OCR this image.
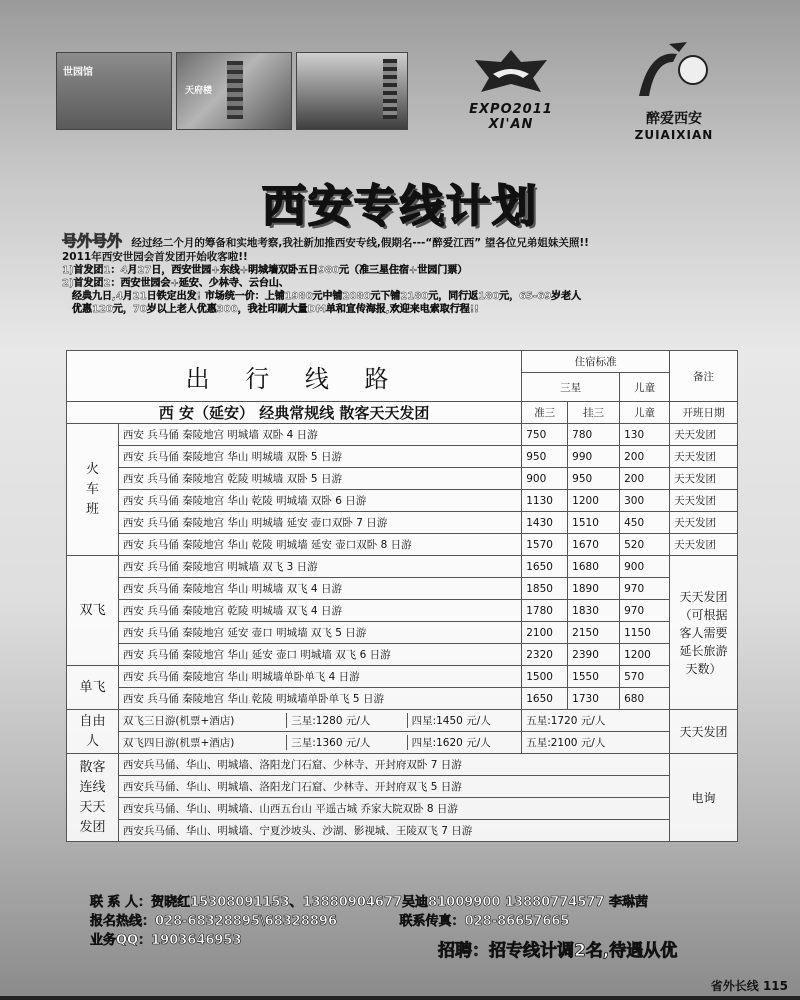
世园馆
天府楼
EXPO2011 XI'AN	醉爱西安
ZUIAIXIAN
西安专线计划
号外号外 经过经二个月的筹备和实地考察,我社新加推西安专线,假期名---“醉爱江西” 望各位兄弟姐妹关照!!
2011年西安世园会首发团开始收客啦!!
1)首发团1：4月27日，西安世园+东线+明城墙双卧五日980元（准三星住宿+世园门票）
2)首发团2：西安世园会+延安、少林寺、云台山、
经典九日,4月21日铁定出发! 市场统一价：上铺1980元中铺2080元下铺2180元，同行返180元，65-69岁老人
优惠120元，70岁以上老人优惠300，我社印刷大量DM单和宣传海报,欢迎来电索取行程!!
出 行 线 路		住宿标准			备注
		三星		儿童	
西 安（延安） 经典常规线 散客天天发团		准三	挂三	儿童	开班日期
火
车
班	西安 兵马俑 秦陵地宫 明城墙 双卧 4 日游	750	780	130	天天发团
	西安 兵马俑 秦陵地宫 华山 明城墙 双卧 5 日游	950	990	200	天天发团
	西安 兵马俑 秦陵地宫 乾陵 明城墙 双卧 5 日游	900	950	200	天天发团
	西安 兵马俑 秦陵地宫 华山 乾陵 明城墙 双卧 6 日游	1130	1200	300	天天发团
	西安 兵马俑 秦陵地宫 华山 明城墙 延安 壶口双卧 7 日游	1430	1510	450	天天发团
	西安 兵马俑 秦陵地宫 华山 乾陵 明城墙 延安 壶口双卧 8 日游	1570	1670	520	天天发团
双飞	西安 兵马俑 秦陵地宫 明城墙 双飞 3 日游	1650	1680	900	天天发团（可根据客人需要延长旅游天数）
	西安 兵马俑 秦陵地宫 华山 明城墙 双飞 4 日游	1850	1890	970	
	西安 兵马俑 秦陵地宫 乾陵 明城墙 双飞 4 日游	1780	1830	970	
	西安 兵马俑 秦陵地宫 延安 壶口 明城墙 双飞 5 日游	2100	2150	1150	
	西安 兵马俑 秦陵地宫 华山 延安 壶口 明城墙 双飞 6 日游	2320	2390	1200	
单飞	西安 兵马俑 秦陵地宫 华山 明城墙单卧单飞 4 日游	1500	1550	570	
	西安 兵马俑 秦陵地宫 华山 乾陵 明城墙单卧单飞 5 日游	1650	1730	680	
自由
人	双飞三日游(机票+酒店) 三星:1280 元/人 四星:1450 元/人	五星:1720 元/人			天天发团
	双飞四日游(机票+酒店) 三星:1360 元/人 四星:1620 元/人	五星:2100 元/人			
散客
连线
天天
发团	西安兵马俑、华山、明城墙、洛阳龙门石窟、少林寺、开封府双卧 7 日游				电询
	西安兵马俑、华山、明城墙、洛阳龙门石窟、少林寺、开封府双飞 5 日游				
	西安兵马俑、华山、明城墙、山西五台山 平遥古城 乔家大院双卧 8 日游				
	西安兵马俑、华山、明城墙、宁夏沙坡头、沙湖、影视城、王陵双飞 7 日游				
联 系 人：贺晓红15308091153、13880904677吴迪81009900 13880774577 李琳茜
报名热线：028-68328895\68328896	联系传真：028-86657665
业务QQ：1903646953
招聘：招专线计调2名,待遇从优
省外长线 115
